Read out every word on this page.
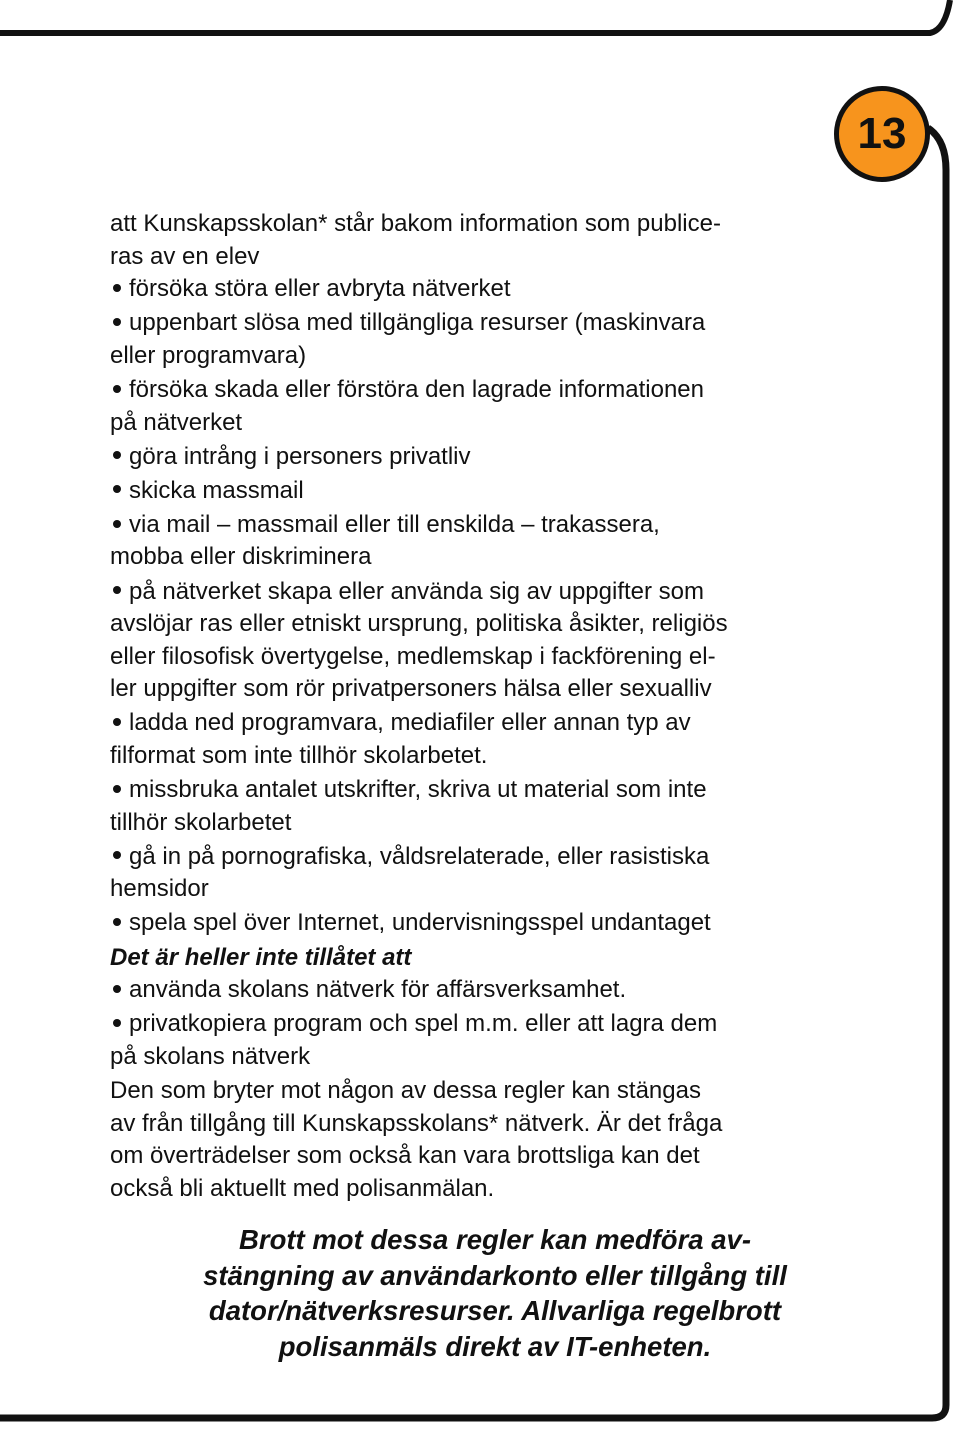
13
att Kunskapsskolan* står bakom information som publice-
ras av en elev
försöka störa eller avbryta nätverket
uppenbart slösa med tillgängliga resurser (maskinvara
eller programvara)
försöka skada eller förstöra den lagrade informationen
på nätverket
göra intrång i personers privatliv
skicka massmail
via mail – massmail eller till enskilda – trakassera,
mobba eller diskriminera
på nätverket skapa eller använda sig av uppgifter som
avslöjar ras eller etniskt ursprung, politiska åsikter, religiös
eller filosofisk övertygelse, medlemskap i fackförening el-
ler uppgifter som rör privatpersoners hälsa eller sexualliv
ladda ned programvara, mediafiler eller annan typ av
filformat som inte tillhör skolarbetet.
missbruka antalet utskrifter, skriva ut material som inte
tillhör skolarbetet
gå in på pornografiska, våldsrelaterade, eller rasistiska
hemsidor
spela spel över Internet, undervisningsspel undantaget
Det är heller inte tillåtet att
använda skolans nätverk för affärsverksamhet.
privatkopiera program och spel m.m. eller att lagra dem
på skolans nätverk
Den som bryter mot någon av dessa regler kan stängas
av från tillgång till Kunskapsskolans* nätverk. Är det fråga
om överträdelser som också kan vara brottsliga kan det
också bli aktuellt med polisanmälan.
Brott mot dessa regler kan medföra av-
stängning av användarkonto eller tillgång till
dator/nätverksresurser. Allvarliga regelbrott
polisanmäls direkt av IT-enheten.
